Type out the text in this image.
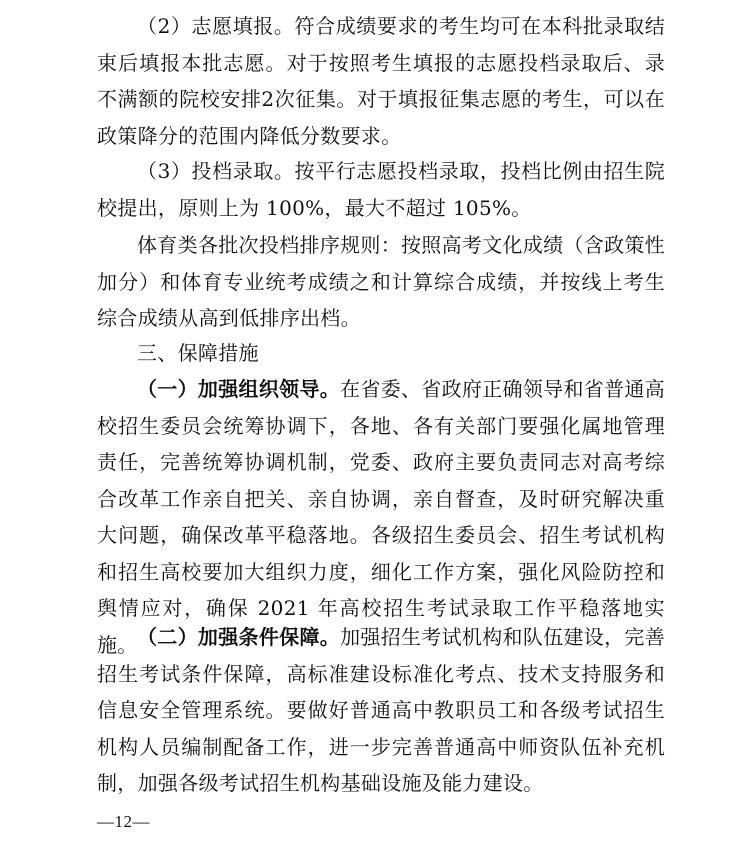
（2）志愿填报。符合成绩要求的考生均可在本科批录取结束后填报本批志愿。对于按照考生填报的志愿投档录取后、录不满额的院校安排2次征集。对于填报征集志愿的考生，可以在政策降分的范围内降低分数要求。

（3）投档录取。按平行志愿投档录取，投档比例由招生院校提出，原则上为 100%，最大不超过 105%。

体育类各批次投档排序规则：按照高考文化成绩（含政策性加分）和体育专业统考成绩之和计算综合成绩，并按线上考生综合成绩从高到低排序出档。

三、保障措施

（一）加强组织领导。在省委、省政府正确领导和省普通高校招生委员会统筹协调下，各地、各有关部门要强化属地管理责任，完善统筹协调机制，党委、政府主要负责同志对高考综合改革工作亲自把关、亲自协调，亲自督查，及时研究解决重大问题，确保改革平稳落地。各级招生委员会、招生考试机构和招生高校要加大组织力度，细化工作方案，强化风险防控和舆情应对，确保 2021 年高校招生考试录取工作平稳落地实施。 （二）加强条件保障。加强招生考试机构和队伍建设，完善招生考试条件保障，高标准建设标准化考点、技术支持服务和信息安全管理系统。要做好普通高中教职员工和各级考试招生机构人员编制配备工作，进一步完善普通高中师资队伍补充机制，加强各级考试招生机构基础设施及能力建设。

—12—
